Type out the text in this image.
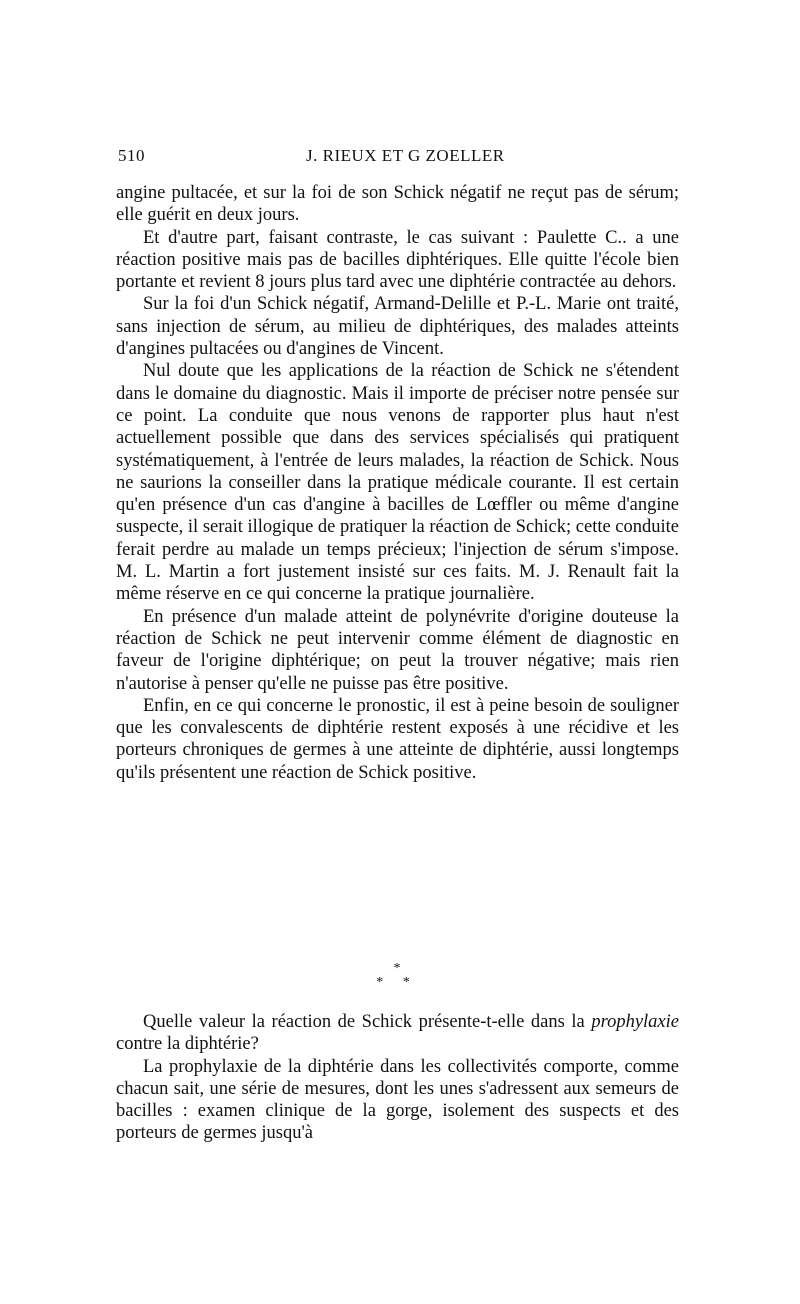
510	J. RIEUX ET G ZOELLER

angine pultacée, et sur la foi de son Schick négatif ne reçut pas de sérum; elle guérit en deux jours.

Et d'autre part, faisant contraste, le cas suivant : Paulette C.. a une réaction positive mais pas de bacilles diphtériques. Elle quitte l'école bien portante et revient 8 jours plus tard avec une diphtérie contractée au dehors.

Sur la foi d'un Schick négatif, Armand-Delille et P.-L. Marie ont traité, sans injection de sérum, au milieu de diphtériques, des malades atteints d'angines pultacées ou d'angines de Vincent.

Nul doute que les applications de la réaction de Schick ne s'étendent dans le domaine du diagnostic. Mais il importe de préciser notre pensée sur ce point. La conduite que nous venons de rapporter plus haut n'est actuellement possible que dans des services spécialisés qui pratiquent systématiquement, à l'entrée de leurs malades, la réaction de Schick. Nous ne saurions la conseiller dans la pratique médicale courante. Il est certain qu'en présence d'un cas d'angine à bacilles de Lœffler ou même d'angine suspecte, il serait illogique de pratiquer la réaction de Schick; cette conduite ferait perdre au malade un temps précieux; l'injection de sérum s'impose. M. L. Martin a fort justement insisté sur ces faits. M. J. Renault fait la même réserve en ce qui concerne la pratique journalière.

En présence d'un malade atteint de polynévrite d'origine douteuse la réaction de Schick ne peut intervenir comme élément de diagnostic en faveur de l'origine diphtérique; on peut la trouver négative; mais rien n'autorise à penser qu'elle ne puisse pas être positive.

Enfin, en ce qui concerne le pronostic, il est à peine besoin de souligner que les convalescents de diphtérie restent exposés à une récidive et les porteurs chroniques de germes à une atteinte de diphtérie, aussi longtemps qu'ils présentent une réaction de Schick positive.

*
* *

Quelle valeur la réaction de Schick présente-t-elle dans la prophylaxie contre la diphtérie?

La prophylaxie de la diphtérie dans les collectivités comporte, comme chacun sait, une série de mesures, dont les unes s'adressent aux semeurs de bacilles : examen clinique de la gorge, isolement des suspects et des porteurs de germes jusqu'à
